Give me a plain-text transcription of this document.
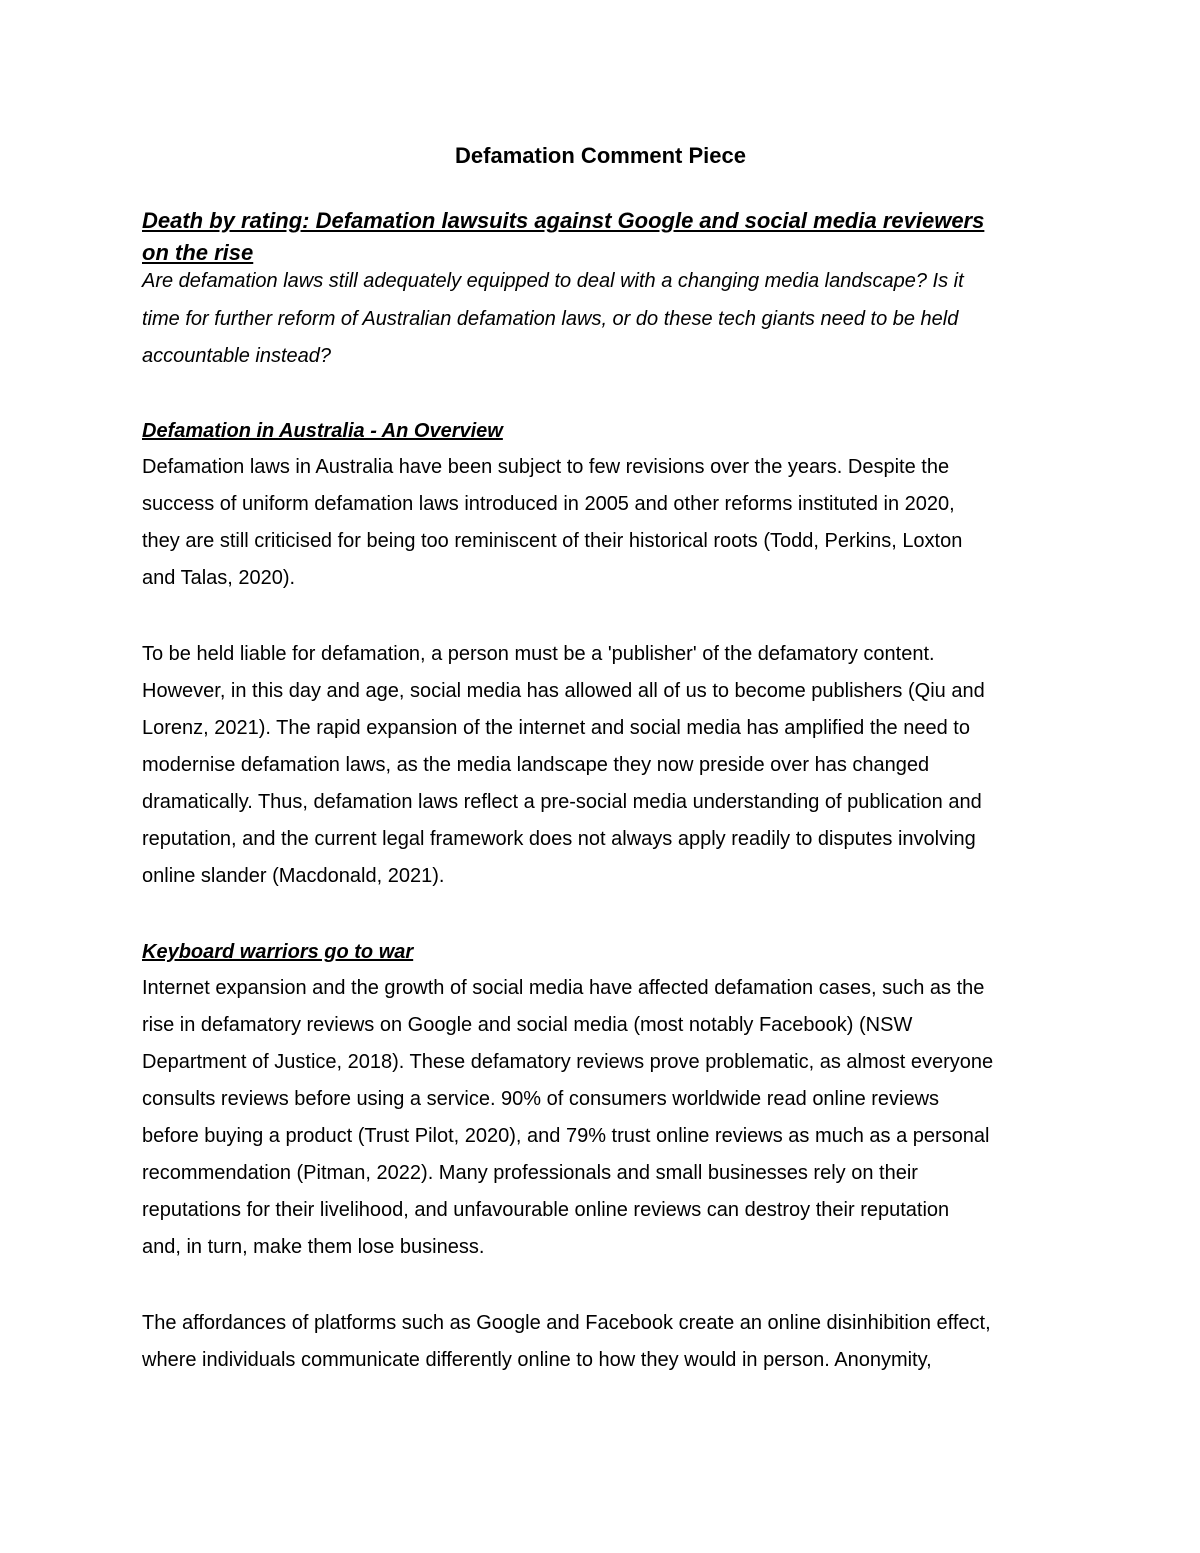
Defamation Comment Piece
Death by rating: Defamation lawsuits against Google and social media reviewers
on the rise
Are defamation laws still adequately equipped to deal with a changing media landscape? Is it
time for further reform of Australian defamation laws, or do these tech giants need to be held
accountable instead?
Defamation in Australia - An Overview
Defamation laws in Australia have been subject to few revisions over the years. Despite the
success of uniform defamation laws introduced in 2005 and other reforms instituted in 2020,
they are still criticised for being too reminiscent of their historical roots (Todd, Perkins, Loxton
and Talas, 2020).
To be held liable for defamation, a person must be a 'publisher' of the defamatory content.
However, in this day and age, social media has allowed all of us to become publishers (Qiu and
Lorenz, 2021). The rapid expansion of the internet and social media has amplified the need to
modernise defamation laws, as the media landscape they now preside over has changed
dramatically. Thus, defamation laws reflect a pre-social media understanding of publication and
reputation, and the current legal framework does not always apply readily to disputes involving
online slander (Macdonald, 2021).
Keyboard warriors go to war
Internet expansion and the growth of social media have affected defamation cases, such as the
rise in defamatory reviews on Google and social media (most notably Facebook) (NSW
Department of Justice, 2018). These defamatory reviews prove problematic, as almost everyone
consults reviews before using a service. 90% of consumers worldwide read online reviews
before buying a product (Trust Pilot, 2020), and 79% trust online reviews as much as a personal
recommendation (Pitman, 2022). Many professionals and small businesses rely on their
reputations for their livelihood, and unfavourable online reviews can destroy their reputation
and, in turn, make them lose business.
The affordances of platforms such as Google and Facebook create an online disinhibition effect,
where individuals communicate differently online to how they would in person. Anonymity,
